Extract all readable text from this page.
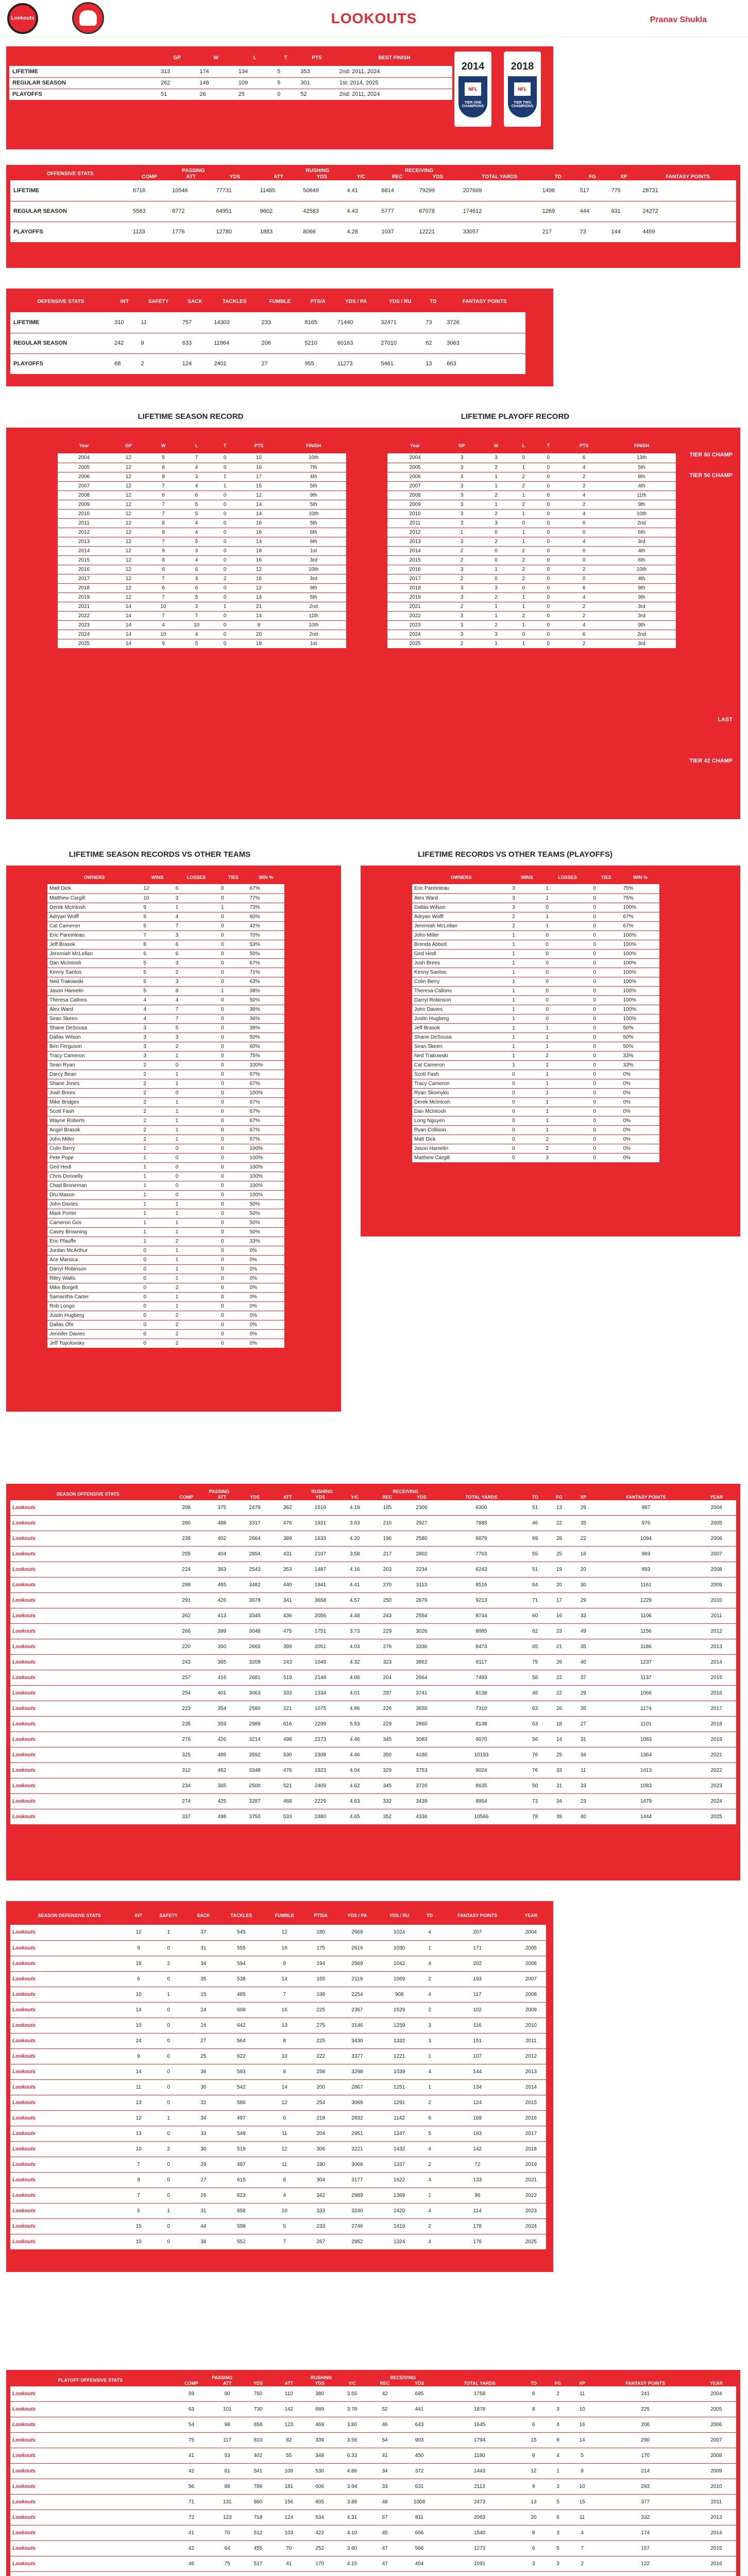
Lookouts	LOOKOUTS	Pranav Shukla
	GP	W	L	T	PTS	BEST FINISH
LIFETIME	313	174	134	5	353	2nd: 2011, 2024
REGULAR SEASON	262	148	109	5	301	1st: 2014, 2025
PLAYOFFS	51	26	25	0	52	2nd: 2011, 2024
2014
NFL
TIER ONE CHAMPIONS
2018
NFL
TIER TWO CHAMPIONS
OFFENSIVE STATS	PASSING			RUSHING			RECEIVING						
	COMP	ATT	YDS	ATT	YDS	Y/C	REC	YDS	TOTAL YARDS	TD	FG	XP	FANTASY POINTS
LIFETIME	6716	10546	77731	11485	50649	4.41	6814	79299	207669	1496	517	775	28731
REGULAR SEASON	5583	8772	64951	9602	42583	4.43	5777	67078	174612	1269	444	631	24272
PLAYOFFS	1133	1776	12780	1883	8066	4.28	1037	12221	33057	217	73	144	4459
DEFENSIVE STATS	INT	SAFETY	SACK	TACKLES	FUMBLE	PTS/A	YDS / PA	YDS / RU	TD	FANTASY POINTS
LIFETIME	310	11	757	14303	233	8165	71440	32471	73	3726
REGULAR SEASON	242	9	633	11964	206	5210	60163	27010	62	3063
PLAYOFFS	68	2	124	2401	27	955	11273	5461	13	663
LIFETIME SEASON RECORD	LIFETIME PLAYOFF RECORD
Year	GP	W	L	T	PTS	FINISH
2004	12	5	7	0	10	10th
2005	12	8	4	0	16	7th
2006	12	8	3	1	17	4th
2007	12	7	4	1	15	5th
2008	12	6	6	0	12	9th
2009	12	7	5	0	14	5th
2010	12	7	5	0	14	10th
2011	12	8	4	0	16	5th
2012	12	8	4	0	16	6th
2013	12	7	5	0	14	6th
2014	12	9	3	0	18	1st
2015	12	8	4	0	16	3rd
2016	12	6	6	0	12	10th
2017	12	7	3	2	16	3rd
2018	12	6	6	0	12	9th
2019	12	7	5	0	14	5th
2021	14	10	3	1	21	2nd
2022	14	7	7	0	14	11th
2023	14	4	10	0	8	10th
2024	14	10	4	0	20	2nd
2025	14	9	5	0	18	1st
Year	GP	W	L	T	PTS	FINISH
2004	3	3	0	0	6	13th
2005	3	2	1	0	4	5th
2006	3	1	2	0	2	8th
2007	3	1	2	0	2	4th
2008	3	2	1	0	4	11th
2009	3	1	2	0	2	9th
2010	3	2	1	0	4	10th
2011	3	3	0	0	6	2nd
2012	1	0	1	0	0	6th
2013	3	2	1	0	4	3rd
2014	2	0	2	0	0	4th
2015	2	0	2	0	0	6th
2016	3	1	2	0	2	10th
2017	2	0	2	0	0	4th
2018	3	3	0	0	6	9th
2019	3	2	1	0	4	9th
2021	2	1	1	0	2	3rd
2022	3	1	2	0	2	3rd
2023	3	2	1	0	4	9th
2024	3	3	0	0	6	2nd
2025	2	1	1	0	2	3rd
TIER 60 CHAMP
TIER 50 CHAMP
LAST
TIER 42 CHAMP
LIFETIME SEASON RECORDS VS OTHER TEAMS	LIFETIME RECORDS VS OTHER TEAMS (PLAYOFFS)
OWNERS	WINS	LOSSES	TIES	WIN %
Matt Dick	12	6	0	67%
Matthew Cargill	10	3	0	77%
Derek McIntosh	9	1	1	73%
Adryan Wolff	6	4	0	60%
Cat Cameron	5	7	0	42%
Eric Pareinteau	7	3	0	70%
Jeff Brasok	8	6	0	53%
Jeremiah McLellan	6	6	0	50%
Dan McIntosh	5	3	0	67%
Kenny Santos	5	2	0	71%
Ned Trakowski	5	3	0	63%
Jason Hamelin	5	8	1	38%
Theresa Callons	4	4	0	50%
Alex Ward	4	7	0	36%
Sean Skeen	4	7	0	36%
Shane DeSousa	3	5	0	38%
Dallas Wilson	3	3	0	50%
Ben Ferguson	3	2	0	60%
Tracy Cameron	3	1	0	75%
Sean Ryan	2	0	0	100%
Darcy Bean	2	1	0	67%
Shane Jones	2	1	0	67%
Josh Brees	2	0	0	100%
Mike Bridges	2	1	0	67%
Scott Fash	2	1	0	67%
Wayne Roberts	2	1	0	67%
Angel Brasok	2	1	0	67%
John Miller	2	1	0	67%
Colin Berry	1	0	0	100%
Pete Pope	1	0	0	100%
Ged Hedl	1	0	0	100%
Chris Donnelly	1	0	0	100%
Chad Broneman	1	0	0	100%
Dru Mason	1	0	0	100%
John Davies	1	1	0	50%
Mark Porter	1	1	0	50%
Cameron Gos	1	1	0	50%
Casey Browning	1	1	0	50%
Eric Pfauffe	1	2	0	33%
Jordan McArthur	0	1	0	0%
Ace Marsica	0	1	0	0%
Darryl Robinson	0	1	0	0%
Riley Watts	0	1	0	0%
Mike Borgell	0	2	0	0%
Samantha Carter	0	1	0	0%
Rob Longo	0	1	0	0%
Justin Hugberg	0	2	0	0%
Dallas Ohr	0	2	0	0%
Jennifer Davies	0	2	0	0%
Jeff Topolovsky	0	2	0	0%
OWNERS	WINS	LOSSES	TIES	WIN %
Eric Pareinteau	3	1	0	75%
Alex Ward	3	1	0	75%
Dallas Wilson	3	0	0	100%
Adryan Wolff	2	1	0	67%
Jeremiah McLellan	2	1	0	67%
John Miller	1	0	0	100%
Brenda Abbott	1	0	0	100%
Ged Hedl	1	0	0	100%
Josh Brees	1	0	0	100%
Kenny Santos	1	0	0	100%
Colin Berry	1	0	0	100%
Theresa Callons	1	0	0	100%
Darryl Robinson	1	0	0	100%
John Davies	1	0	0	100%
Justin Hugberg	1	0	0	100%
Jeff Brasok	1	1	0	50%
Shane DeSousa	1	1	0	50%
Sean Skeen	1	1	0	50%
Ned Trakowski	1	2	0	33%
Cat Cameron	1	2	0	33%
Scott Fash	0	1	0	0%
Tracy Cameron	0	1	0	0%
Ryan Skomyko	0	1	0	0%
Derek McIntosh	0	1	0	0%
Dan McIntosh	0	1	0	0%
Long Nguyen	0	1	0	0%
Ryan Collison	0	1	0	0%
Matt Dick	0	2	0	0%
Jason Hamelin	0	2	0	0%
Matthew Cargill	0	3	0	0%
SEASON OFFENSIVE STATS	PASSING			RUSHING			RECEIVING							
	COMP	ATT	YDS	ATT	YDS	Y/C	REC	YDS	TOTAL YARDS	TD	FG	XP	FANTASY POINTS	YEAR
Lookouts	208	375	2478	362	1516	4.19	185	2306	6300	51	13	29	987	2004
Lookouts	280	488	3317	476	1931	3.63	210	2927	7885	46	22	35	976	2005
Lookouts	239	402	2664	389	1633	4.20	196	2580	6879	69	28	22	1094	2006
Lookouts	255	404	2854	431	2107	3.58	217	2802	7763	55	25	16	969	2007
Lookouts	224	363	2543	353	1487	4.16	203	2234	6243	51	19	20	893	2008
Lookouts	299	465	3482	440	1941	4.41	270	3113	8516	64	20	30	1161	2009
Lookouts	291	426	3678	341	3658	4.57	250	2679	9213	71	17	29	1229	2010
Lookouts	262	413	3345	436	2056	4.48	243	2554	8744	60	16	33	1106	2011
Lookouts	266	399	3048	475	1751	3.73	229	3026	8085	62	23	49	1156	2012
Lookouts	220	350	2665	399	2051	4.03	276	3336	8473	65	21	35	1186	2013
Lookouts	243	365	3208	243	1049	4.32	323	3862	8117	75	26	40	1237	2014
Lookouts	257	416	2681	519	2148	4.06	204	2664	7493	56	22	37	1137	2015
Lookouts	254	401	3063	333	1334	4.01	297	3741	8138	46	22	29	1066	2016
Lookouts	223	354	2580	221	1075	4.86	226	3655	7310	63	26	35	1174	2017
Lookouts	235	359	2989	616	2299	5.53	229	2860	8148	63	18	27	1101	2018
Lookouts	276	426	3214	498	2273	4.46	345	3083	9070	56	14	31	1083	2019
Lookouts	325	485	3592	530	2308	4.46	350	4180	10183	76	25	34	1364	2021
Lookouts	312	462	3348	476	1923	4.04	329	3753	9024	76	33	11	1413	2022
Lookouts	234	365	2500	521	2409	4.62	345	3726	8635	50	31	33	1083	2023
Lookouts	274	425	3287	468	2229	4.63	332	3439	8954	73	34	23	1479	2024
Lookouts	337	498	3750	533	2480	4.65	352	4336	10566	78	39	40	1444	2025
SEASON DEFENSIVE STATS	INT	SAFETY	SACK	TACKLES	FUMBLE	PTS/A	YDS / PA	YDS / RU	TD	FANTASY POINTS	YEAR
Lookouts	12	1	37	545	12	180	2669	1024	4	207	2004
Lookouts	9	0	31	555	16	175	2616	1030	1	171	2005
Lookouts	18	2	34	594	9	194	2569	1042	4	202	2006
Lookouts	6	0	35	538	14	165	2119	1069	2	193	2007
Lookouts	10	1	15	485	7	198	2254	908	4	117	2008
Lookouts	14	0	24	608	16	225	2367	1529	2	102	2009
Lookouts	10	0	24	642	13	275	3146	1259	3	116	2010
Lookouts	24	0	27	564	8	225	3430	1332	3	151	2011
Lookouts	9	0	25	622	10	222	3377	1221	1	107	2012
Lookouts	14	0	36	593	8	258	3298	1039	4	144	2013
Lookouts	11	0	30	542	14	200	2867	1251	1	134	2014
Lookouts	13	0	32	586	12	254	3069	1291	2	124	2015
Lookouts	12	1	34	497	6	218	2832	1142	6	169	2016
Lookouts	13	0	33	549	11	204	2951	1247	5	183	2017
Lookouts	10	2	30	519	12	306	3221	1432	4	142	2018
Lookouts	7	0	29	497	11	190	3066	1337	2	72	2019
Lookouts	9	0	27	615	8	304	3177	1622	4	133	2021
Lookouts	7	0	26	623	4	342	2989	1369	1	96	2022
Lookouts	6	1	31	658	10	333	3240	1420	4	114	2023
Lookouts	15	0	44	598	5	233	2746	1419	2	178	2024
Lookouts	10	0	38	552	7	267	2952	1324	4	176	2025
PLAYOFF OFFENSIVE STATS	PASSING			RUSHING			RECEIVING							
	COMP	ATT	YDS	ATT	YDS	Y/C	REC	YDS	TOTAL YARDS	TD	FG	XP	FANTASY POINTS	YEAR
Lookouts	59	90	760	110	380	3.55	42	695	1758	8	2	11	241	2004
Lookouts	63	101	730	142	689	3.78	52	441	1878	8	3	10	225	2005
Lookouts	54	98	658	123	469	3.80	46	643	1645	6	4	16	206	2006
Lookouts	75	117	810	82	339	3.56	54	903	1794	15	8	14	290	2007
Lookouts	41	53	402	55	348	6.33	41	450	1180	9	4	5	170	2008
Lookouts	42	61	541	109	530	4.86	34	372	1443	12	1	8	214	2009
Lookouts	56	88	786	181	606	3.94	33	631	2113	9	3	10	293	2010
Lookouts	71	131	860	156	605	3.88	48	1008	2473	13	5	15	377	2011
Lookouts	72	123	718	124	534	4.31	67	811	2063	20	6	11	332	2013
Lookouts	41	70	512	103	422	4.10	45	606	1540	8	3	4	174	2014
Lookouts	42	64	455	70	252	3.60	47	566	1273	6	5	7	157	2015
Lookouts	46	75	517	41	170	4.15	47	404	1091	3	3	2	122	2016
